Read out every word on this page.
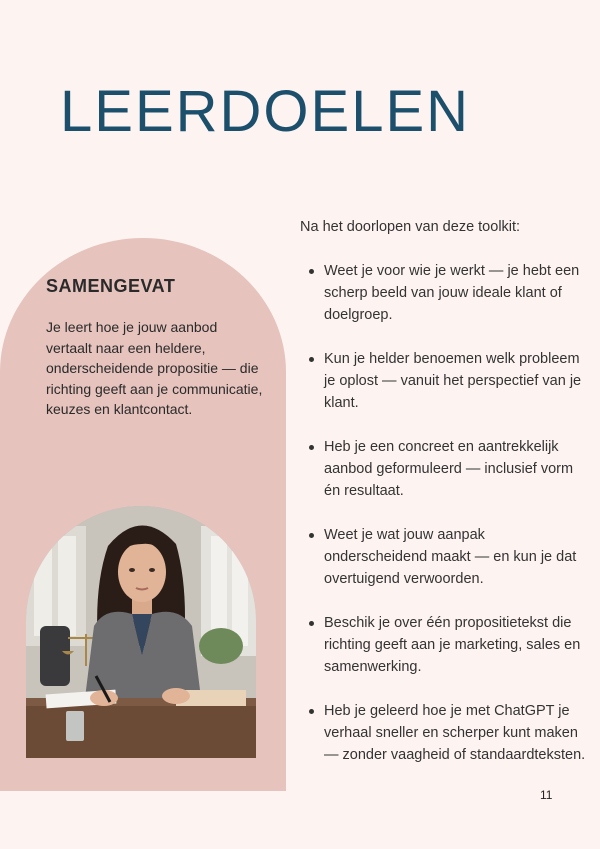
LEERDOELEN
SAMENGEVAT

Je leert hoe je jouw aanbod vertaalt naar een heldere, onderscheidende propositie — die richting geeft aan je communicatie, keuzes en klantcontact.

Na het doorlopen van deze toolkit:

Weet je voor wie je werkt — je hebt een scherp beeld van jouw ideale klant of doelgroep.
Kun je helder benoemen welk probleem je oplost — vanuit het perspectief van je klant.
Heb je een concreet en aantrekkelijk aanbod geformuleerd — inclusief vorm én resultaat.
Weet je wat jouw aanpak onderscheidend maakt — en kun je dat overtuigend verwoorden.
Beschik je over één propositietekst die richting geeft aan je marketing, sales en samenwerking.
Heb je geleerd hoe je met ChatGPT je verhaal sneller en scherper kunt maken — zonder vaagheid of standaardteksten.
11
